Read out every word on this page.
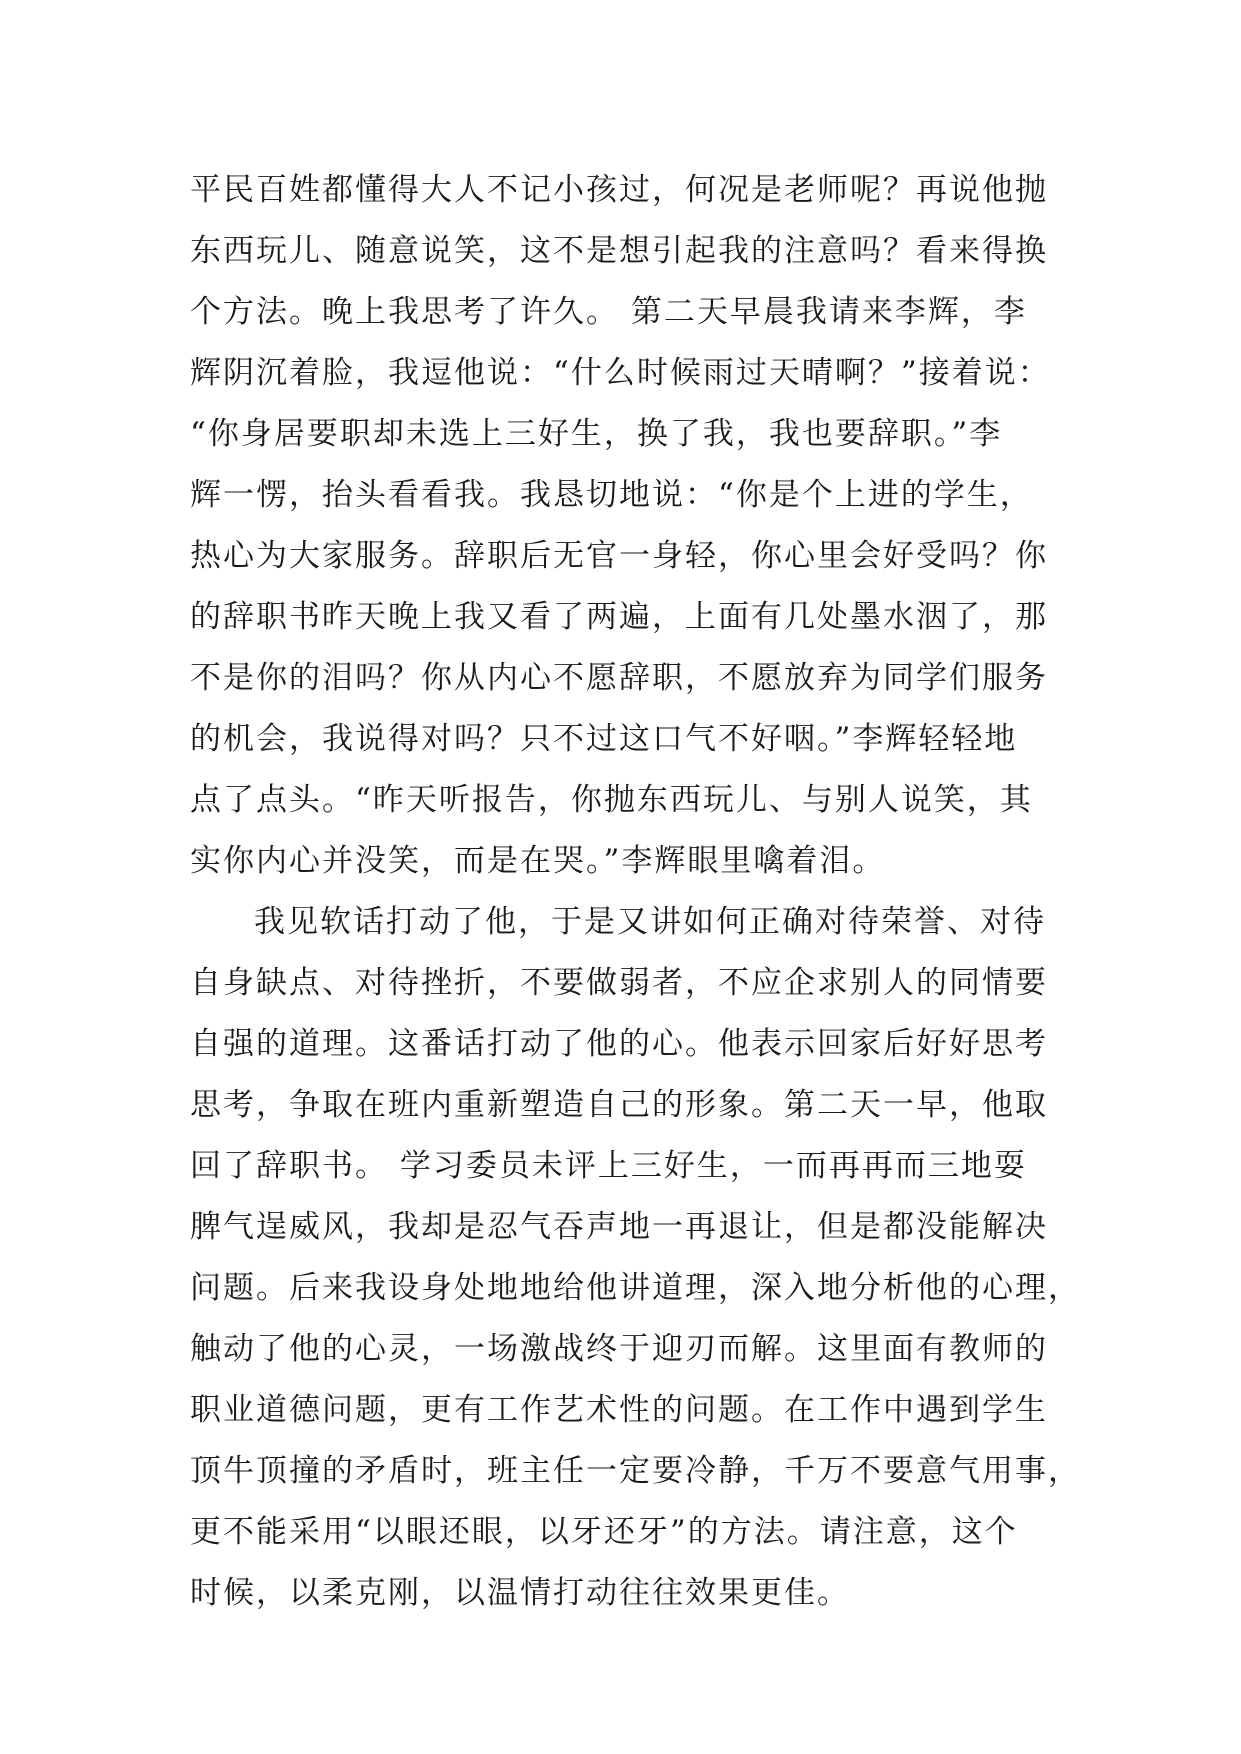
平民百姓都懂得大人不记小孩过，何况是老师呢？再说他抛
东西玩儿、随意说笑，这不是想引起我的注意吗？看来得换
个方法。晚上我思考了许久。 第二天早晨我请来李辉，李
辉阴沉着脸，我逗他说：“什么时候雨过天晴啊？”接着说：
“你身居要职却未选上三好生，换了我，我也要辞职。”李
辉一愣，抬头看看我。我恳切地说：“你是个上进的学生，
热心为大家服务。辞职后无官一身轻，你心里会好受吗？你
的辞职书昨天晚上我又看了两遍，上面有几处墨水洇了，那
不是你的泪吗？你从内心不愿辞职，不愿放弃为同学们服务
的机会，我说得对吗？只不过这口气不好咽。”李辉轻轻地
点了点头。“昨天听报告，你抛东西玩儿、与别人说笑，其
实你内心并没笑，而是在哭。”李辉眼里噙着泪。
我见软话打动了他，于是又讲如何正确对待荣誉、对待
自身缺点、对待挫折，不要做弱者，不应企求别人的同情要
自强的道理。这番话打动了他的心。他表示回家后好好思考
思考，争取在班内重新塑造自己的形象。第二天一早，他取
回了辞职书。 学习委员未评上三好生，一而再再而三地耍
脾气逞威风，我却是忍气吞声地一再退让，但是都没能解决
问题。后来我设身处地地给他讲道理，深入地分析他的心理，
触动了他的心灵，一场激战终于迎刃而解。这里面有教师的
职业道德问题，更有工作艺术性的问题。在工作中遇到学生
顶牛顶撞的矛盾时，班主任一定要冷静，千万不要意气用事，
更不能采用“以眼还眼，以牙还牙”的方法。请注意，这个
时候，以柔克刚，以温情打动往往效果更佳。
